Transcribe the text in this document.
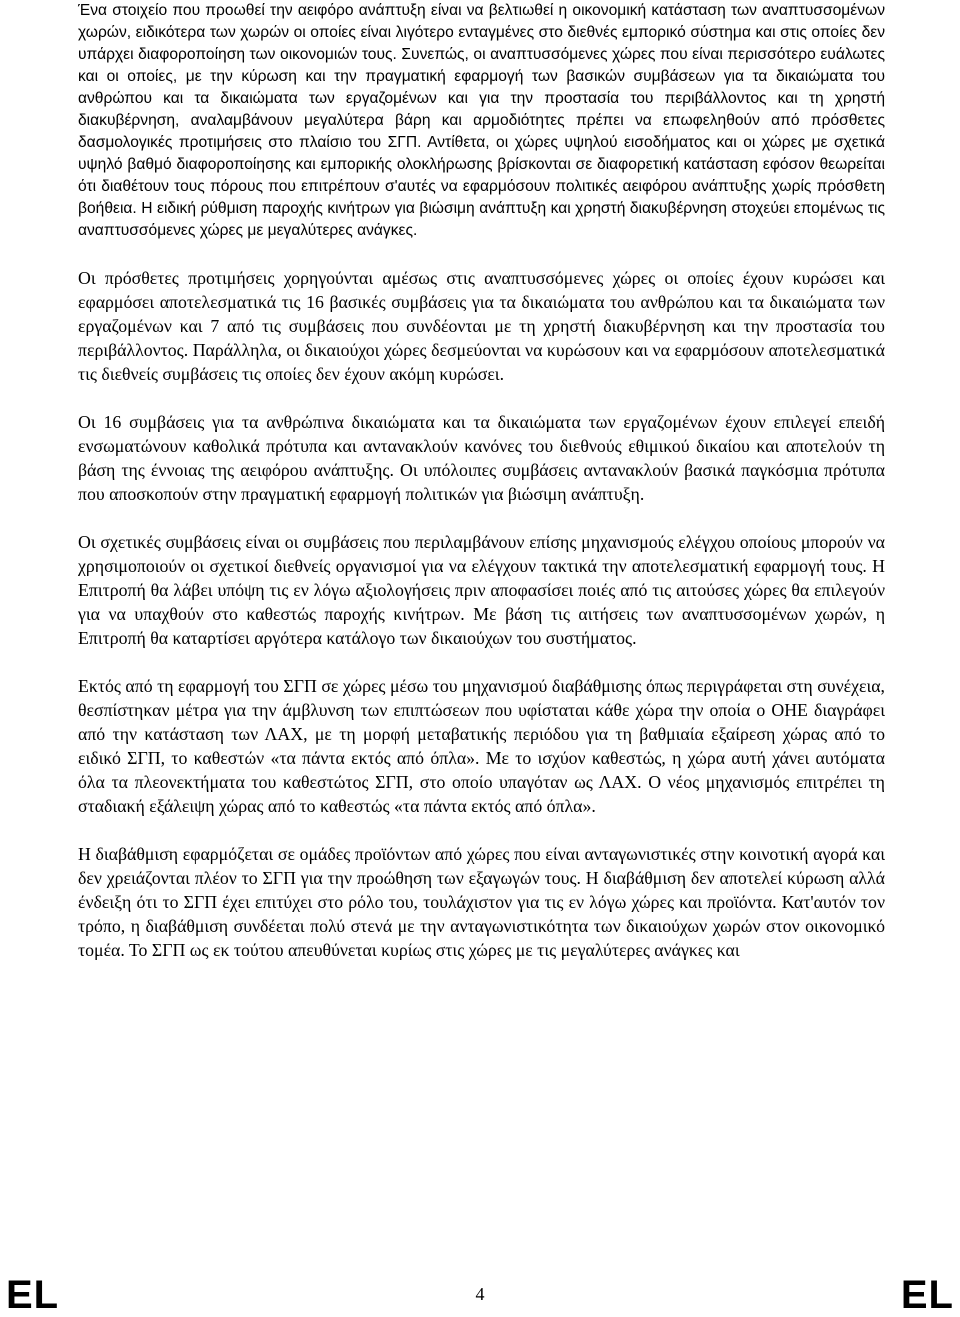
Ένα στοιχείο που προωθεί την αειφόρο ανάπτυξη είναι να βελτιωθεί η οικονομική κατάσταση των αναπτυσσομένων χωρών, ειδικότερα των χωρών οι οποίες είναι λιγότερο ενταγμένες στο διεθνές εμπορικό σύστημα και στις οποίες δεν υπάρχει διαφοροποίηση των οικονομιών τους. Συνεπώς, οι αναπτυσσόμενες χώρες που είναι περισσότερο ευάλωτες και οι οποίες, με την κύρωση και την πραγματική εφαρμογή των βασικών συμβάσεων για τα δικαιώματα του ανθρώπου και τα δικαιώματα των εργαζομένων και για την προστασία του περιβάλλοντος και τη χρηστή διακυβέρνηση, αναλαμβάνουν μεγαλύτερα βάρη και αρμοδιότητες πρέπει να επωφεληθούν από πρόσθετες δασμολογικές προτιμήσεις στο πλαίσιο του ΣΓΠ. Αντίθετα, οι χώρες υψηλού εισοδήματος και οι χώρες με σχετικά υψηλό βαθμό διαφοροποίησης και εμπορικής ολοκλήρωσης βρίσκονται σε διαφορετική κατάσταση εφόσον θεωρείται ότι διαθέτουν τους πόρους που επιτρέπουν σ'αυτές να εφαρμόσουν πολιτικές αειφόρου ανάπτυξης χωρίς πρόσθετη βοήθεια. Η ειδική ρύθμιση παροχής κινήτρων για βιώσιμη ανάπτυξη και χρηστή διακυβέρνηση στοχεύει επομένως τις αναπτυσσόμενες χώρες με μεγαλύτερες ανάγκες.

Οι πρόσθετες προτιμήσεις χορηγούνται αμέσως στις αναπτυσσόμενες χώρες οι οποίες έχουν κυρώσει και εφαρμόσει αποτελεσματικά τις 16 βασικές συμβάσεις για τα δικαιώματα του ανθρώπου και τα δικαιώματα των εργαζομένων και 7 από τις συμβάσεις που συνδέονται με τη χρηστή διακυβέρνηση και την προστασία του περιβάλλοντος. Παράλληλα, οι δικαιούχοι χώρες δεσμεύονται να κυρώσουν και να εφαρμόσουν αποτελεσματικά τις διεθνείς συμβάσεις τις οποίες δεν έχουν ακόμη κυρώσει.

Οι 16 συμβάσεις για τα ανθρώπινα δικαιώματα και τα δικαιώματα των εργαζομένων έχουν επιλεγεί επειδή ενσωματώνουν καθολικά πρότυπα και αντανακλούν κανόνες του διεθνούς εθιμικού δικαίου και αποτελούν τη βάση της έννοιας της αειφόρου ανάπτυξης. Οι υπόλοιπες συμβάσεις αντανακλούν βασικά παγκόσμια πρότυπα που αποσκοπούν στην πραγματική εφαρμογή πολιτικών για βιώσιμη ανάπτυξη.

Οι σχετικές συμβάσεις είναι οι συμβάσεις που περιλαμβάνουν επίσης μηχανισμούς ελέγχου οποίους μπορούν να χρησιμοποιούν οι σχετικοί διεθνείς οργανισμοί για να ελέγχουν τακτικά την αποτελεσματική εφαρμογή τους. Η Επιτροπή θα λάβει υπόψη τις εν λόγω αξιολογήσεις πριν αποφασίσει ποιές από τις αιτούσες χώρες θα επιλεγούν για να υπαχθούν στο καθεστώς παροχής κινήτρων. Με βάση τις αιτήσεις των αναπτυσσομένων χωρών, η Επιτροπή θα καταρτίσει αργότερα κατάλογο των δικαιούχων του συστήματος.

Εκτός από τη εφαρμογή του ΣΓΠ σε χώρες μέσω του μηχανισμού διαβάθμισης όπως περιγράφεται στη συνέχεια, θεσπίστηκαν μέτρα για την άμβλυνση των επιπτώσεων που υφίσταται κάθε χώρα την οποία ο ΟΗΕ διαγράφει από την κατάσταση των ΛΑΧ, με τη μορφή μεταβατικής περιόδου για τη βαθμιαία εξαίρεση χώρας από το ειδικό ΣΓΠ, το καθεστών «τα πάντα εκτός από όπλα». Με το ισχύον καθεστώς, η χώρα αυτή χάνει αυτόματα όλα τα πλεονεκτήματα του καθεστώτος ΣΓΠ, στο οποίο υπαγόταν ως ΛΑΧ. Ο νέος μηχανισμός επιτρέπει τη σταδιακή εξάλειψη χώρας από το καθεστώς «τα πάντα εκτός από όπλα».

Η διαβάθμιση εφαρμόζεται σε ομάδες προϊόντων από χώρες που είναι ανταγωνιστικές στην κοινοτική αγορά και δεν χρειάζονται πλέον το ΣΓΠ για την προώθηση των εξαγωγών τους. Η διαβάθμιση δεν αποτελεί κύρωση αλλά ένδειξη ότι το ΣΓΠ έχει επιτύχει στο ρόλο του, τουλάχιστον για τις εν λόγω χώρες και προϊόντα. Κατ'αυτόν τον τρόπο, η διαβάθμιση συνδέεται πολύ στενά με την ανταγωνιστικότητα των δικαιούχων χωρών στον οικονομικό τομέα. Το ΣΓΠ ως εκ τούτου απευθύνεται κυρίως στις χώρες με τις μεγαλύτερες ανάγκες και

EL	4	EL
